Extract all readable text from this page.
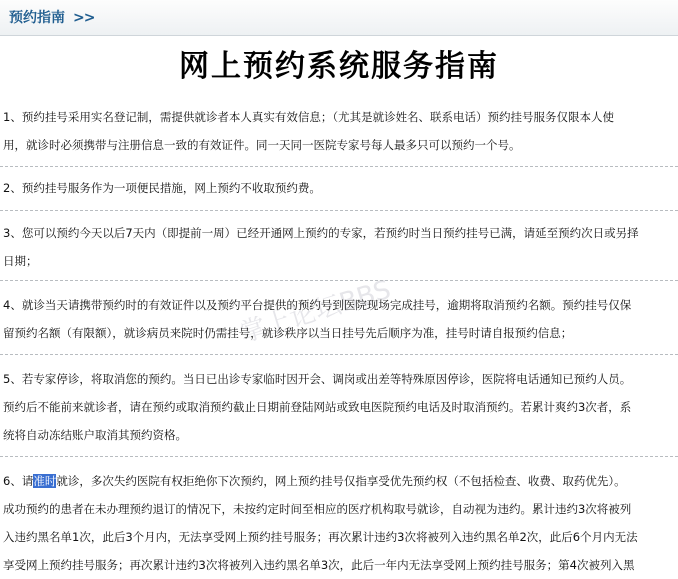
预约指南 >>
网上预约系统服务指南
掌上论坛BBS
1、预约挂号采用实名登记制，需提供就诊者本人真实有效信息；（尤其是就诊姓名、联系电话）预约挂号服务仅限本人使
用，就诊时必须携带与注册信息一致的有效证件。同一天同一医院专家号每人最多只可以预约一个号。
2、预约挂号服务作为一项便民措施，网上预约不收取预约费。
3、您可以预约今天以后7天内（即提前一周）已经开通网上预约的专家，若预约时当日预约挂号已满，请延至预约次日或另择
日期；
4、就诊当天请携带预约时的有效证件以及预约平台提供的预约号到医院现场完成挂号，逾期将取消预约名额。预约挂号仅保
留预约名额（有限额），就诊病员来院时仍需挂号，就诊秩序以当日挂号先后顺序为准，挂号时请自报预约信息；
5、若专家停诊，将取消您的预约。当日已出诊专家临时因开会、调岗或出差等特殊原因停诊，医院将电话通知已预约人员。
预约后不能前来就诊者，请在预约或取消预约截止日期前登陆网站或致电医院预约电话及时取消预约。若累计爽约3次者，系
统将自动冻结账户取消其预约资格。
6、请准时就诊，多次失约医院有权拒绝你下次预约，网上预约挂号仅指享受优先预约权（不包括检查、收费、取药优先）。
成功预约的患者在未办理预约退订的情况下，未按约定时间至相应的医疗机构取号就诊，自动视为违约。累计违约3次将被列
入违约黑名单1次，此后3个月内，无法享受网上预约挂号服务；再次累计违约3次将被列入违约黑名单2次，此后6个月内无法
享受网上预约挂号服务；再次累计违约3次将被列入违约黑名单3次，此后一年内无法享受网上预约挂号服务；第4次被列入黑
